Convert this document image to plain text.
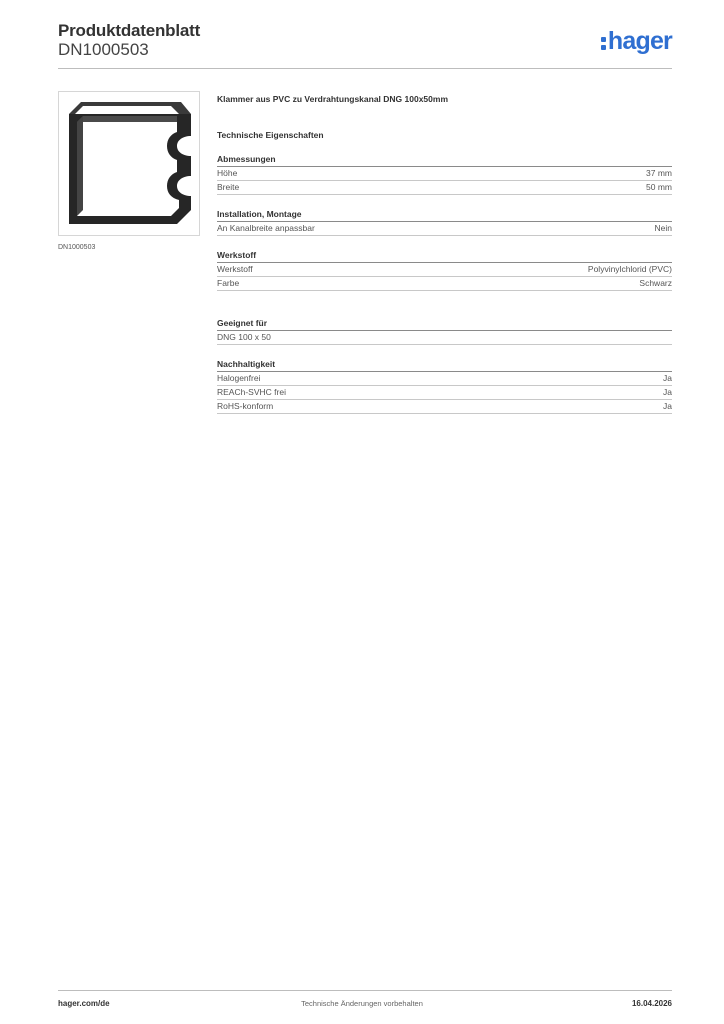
Produktdatenblatt
DN1000503	hager
DN1000503
Klammer aus PVC zu Verdrahtungskanal DNG 100x50mm
Technische Eigenschaften
Abmessungen
Höhe	37 mm
Breite	50 mm
Installation, Montage
An Kanalbreite anpassbar	Nein
Werkstoff
Werkstoff	Polyvinylchlorid (PVC)
Farbe	Schwarz
Geeignet für
DNG 100 x 50
Nachhaltigkeit
Halogenfrei	Ja
REACh-SVHC frei	Ja
RoHS-konform	Ja
hager.com/de	Technische Änderungen vorbehalten	16.04.2026
